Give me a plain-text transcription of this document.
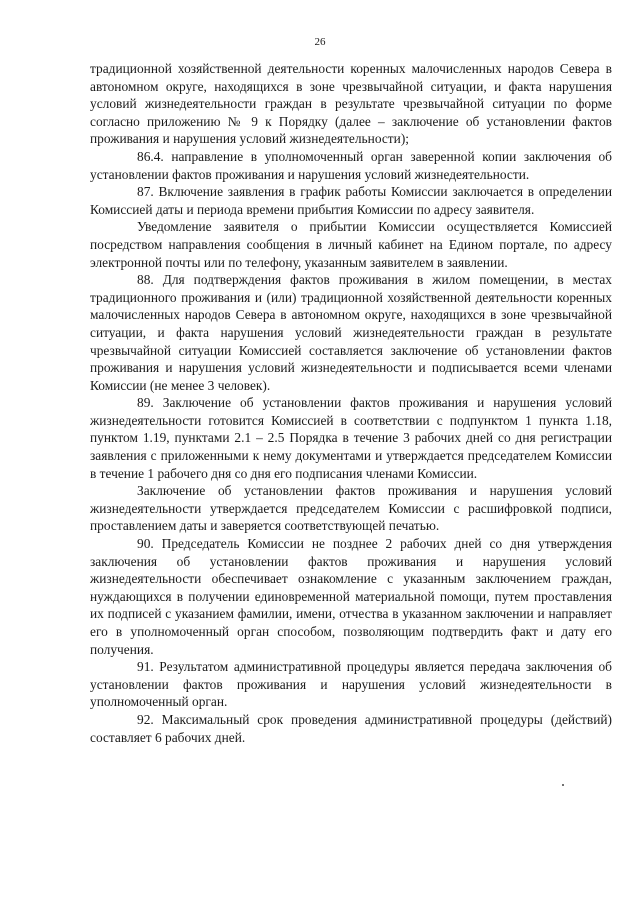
26

традиционной хозяйственной деятельности коренных малочисленных народов Севера в автономном округе, находящихся в зоне чрезвычайной ситуации, и факта нарушения условий жизнедеятельности граждан в результате чрезвычайной ситуации по форме согласно приложению № 9 к Порядку (далее – заключение об установлении фактов проживания и нарушения условий жизнедеятельности);

86.4. направление в уполномоченный орган заверенной копии заключения об установлении фактов проживания и нарушения условий жизнедеятельности.

87. Включение заявления в график работы Комиссии заключается в определении Комиссией даты и периода времени прибытия Комиссии по адресу заявителя.

Уведомление заявителя о прибытии Комиссии осуществляется Комиссией посредством направления сообщения в личный кабинет на Едином портале, по адресу электронной почты или по телефону, указанным заявителем в заявлении.

88. Для подтверждения фактов проживания в жилом помещении, в местах традиционного проживания и (или) традиционной хозяйственной деятельности коренных малочисленных народов Севера в автономном округе, находящихся в зоне чрезвычайной ситуации, и факта нарушения условий жизнедеятельности граждан в результате чрезвычайной ситуации Комиссией составляется заключение об установлении фактов проживания и нарушения условий жизнедеятельности и подписывается всеми членами Комиссии (не менее 3 человек).

89. Заключение об установлении фактов проживания и нарушения условий жизнедеятельности готовится Комиссией в соответствии с подпунктом 1 пункта 1.18, пунктом 1.19, пунктами 2.1 – 2.5 Порядка в течение 3 рабочих дней со дня регистрации заявления с приложенными к нему документами и утверждается председателем Комиссии в течение 1 рабочего дня со дня его подписания членами Комиссии.

Заключение об установлении фактов проживания и нарушения условий жизнедеятельности утверждается председателем Комиссии с расшифровкой подписи, проставлением даты и заверяется соответствующей печатью.

90. Председатель Комиссии не позднее 2 рабочих дней со дня утверждения заключения об установлении фактов проживания и нарушения условий жизнедеятельности обеспечивает ознакомление с указанным заключением граждан, нуждающихся в получении единовременной материальной помощи, путем проставления их подписей с указанием фамилии, имени, отчества в указанном заключении и направляет его в уполномоченный орган способом, позволяющим подтвердить факт и дату его получения.

91. Результатом административной процедуры является передача заключения об установлении фактов проживания и нарушения условий жизнедеятельности в уполномоченный орган.

92. Максимальный срок проведения административной процедуры (действий) составляет 6 рабочих дней.
